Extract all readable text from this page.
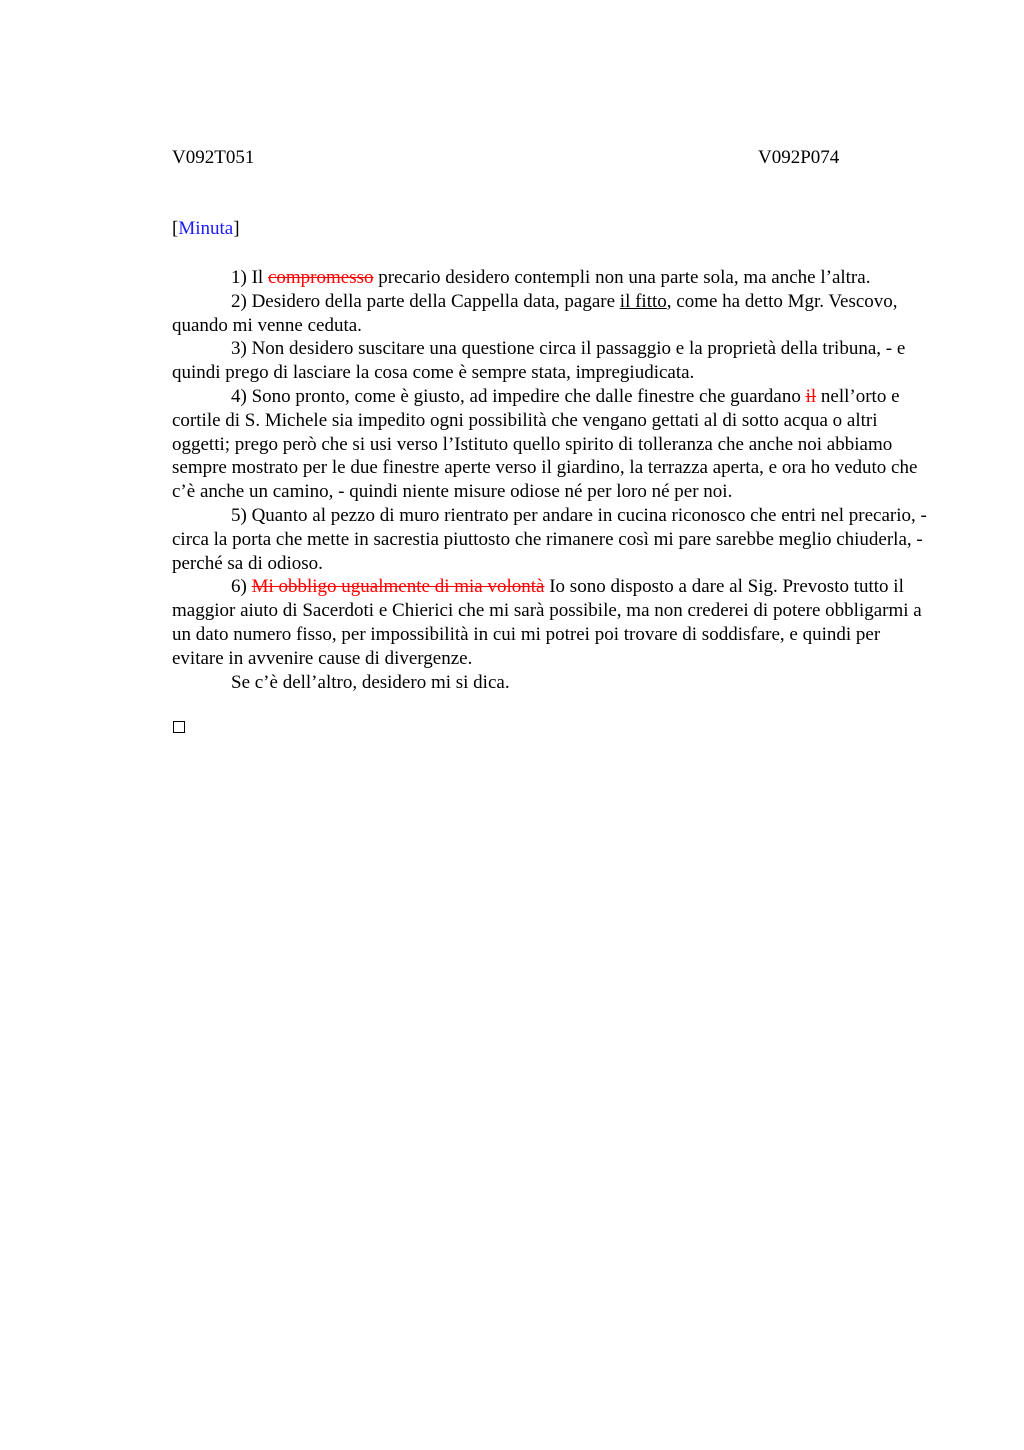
V092T051	V092P074
[Minuta]

1) Il compromesso precario desidero contempli non una parte sola, ma anche l’altra.

2) Desidero della parte della Cappella data, pagare il fitto, come ha detto Mgr. Vescovo, quando mi venne ceduta.

3) Non desidero suscitare una questione circa il passaggio e la proprietà della tribuna, - e quindi prego di lasciare la cosa come è sempre stata, impregiudicata.

4) Sono pronto, come è giusto, ad impedire che dalle finestre che guardano il nell’orto e cortile di S. Michele sia impedito ogni possibilità che vengano gettati al di sotto acqua o altri oggetti; prego però che si usi verso l’Istituto quello spirito di tolleranza che anche noi abbiamo sempre mostrato per le due finestre aperte verso il giardino, la terrazza aperta, e ora ho veduto che c’è anche un camino, - quindi niente misure odiose né per loro né per noi.

5) Quanto al pezzo di muro rientrato per andare in cucina riconosco che entri nel precario, - circa la porta che mette in sacrestia piuttosto che rimanere così mi pare sarebbe meglio chiuderla, - perché sa di odioso.

6) Mi obbligo ugualmente di mia volontà Io sono disposto a dare al Sig. Prevosto tutto il maggior aiuto di Sacerdoti e Chierici che mi sarà possibile, ma non crederei di potere obbligarmi a un dato numero fisso, per impossibilità in cui mi potrei poi trovare di soddisfare, e quindi per evitare in avvenire cause di divergenze.

Se c’è dell’altro, desidero mi si dica.
